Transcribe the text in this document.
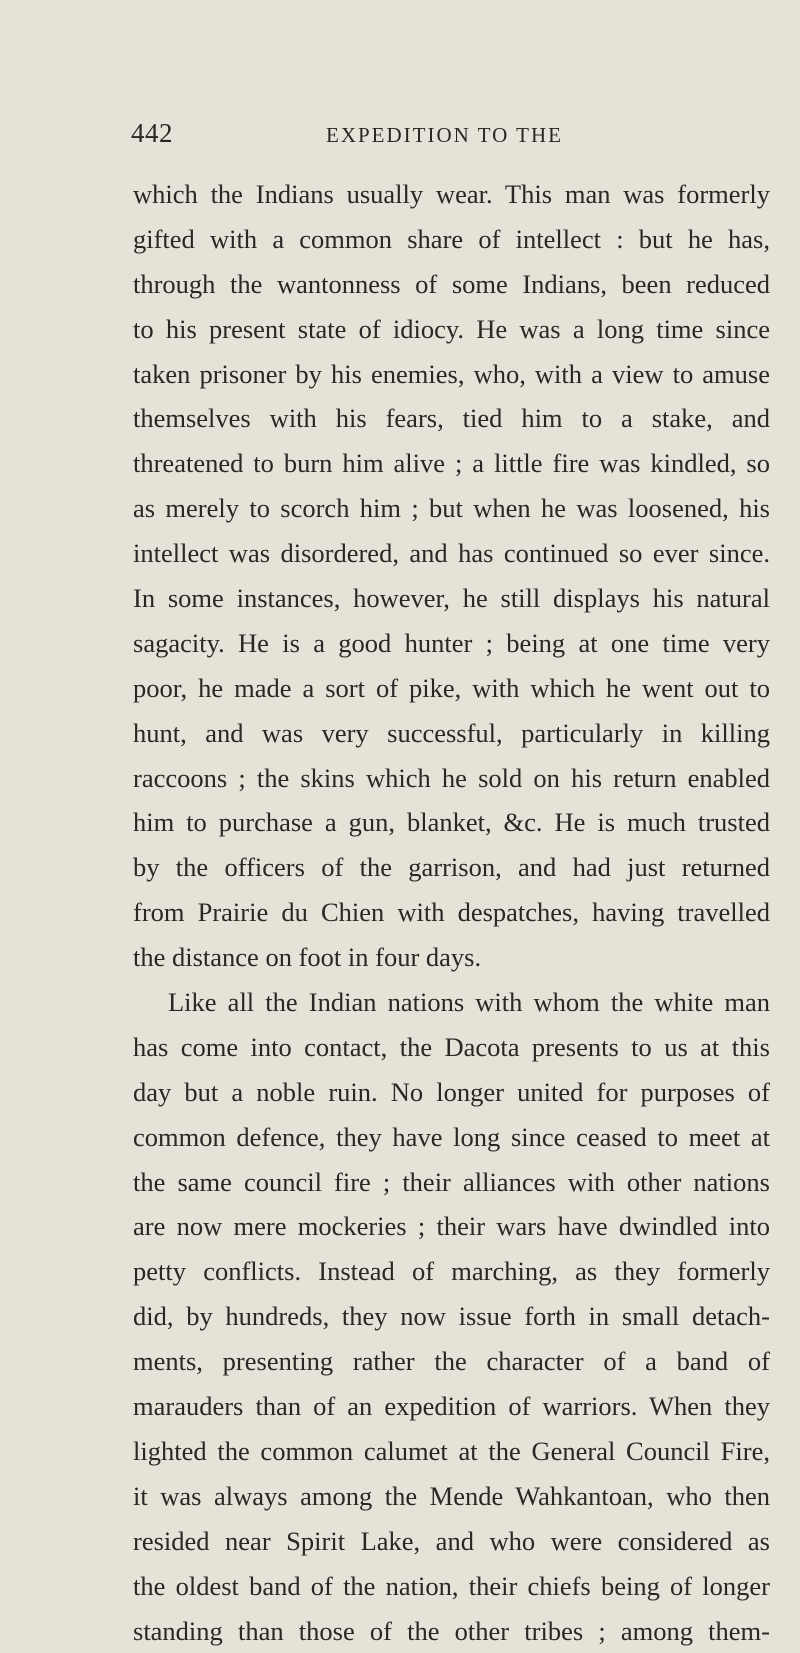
442	EXPEDITION TO THE
which the Indians usually wear. This man was formerly
gifted with a common share of intellect : but he has,
through the wantonness of some Indians, been reduced
to his present state of idiocy. He was a long time since
taken prisoner by his enemies, who, with a view to amuse
themselves with his fears, tied him to a stake, and
threatened to burn him alive ; a little fire was kindled, so
as merely to scorch him ; but when he was loosened, his
intellect was disordered, and has continued so ever since.
In some instances, however, he still displays his natural
sagacity. He is a good hunter ; being at one time very
poor, he made a sort of pike, with which he went out to
hunt, and was very successful, particularly in killing
raccoons ; the skins which he sold on his return enabled
him to purchase a gun, blanket, &c. He is much trusted
by the officers of the garrison, and had just returned
from Prairie du Chien with despatches, having travelled
the distance on foot in four days.
Like all the Indian nations with whom the white man
has come into contact, the Dacota presents to us at this
day but a noble ruin. No longer united for purposes of
common defence, they have long since ceased to meet at
the same council fire ; their alliances with other nations
are now mere mockeries ; their wars have dwindled into
petty conflicts. Instead of marching, as they formerly
did, by hundreds, they now issue forth in small detach-
ments, presenting rather the character of a band of
marauders than of an expedition of warriors. When they
lighted the common calumet at the General Council Fire,
it was always among the Mende Wahkantoan, who then
resided near Spirit Lake, and who were considered as
the oldest band of the nation, their chiefs being of longer
standing than those of the other tribes ; among them-
